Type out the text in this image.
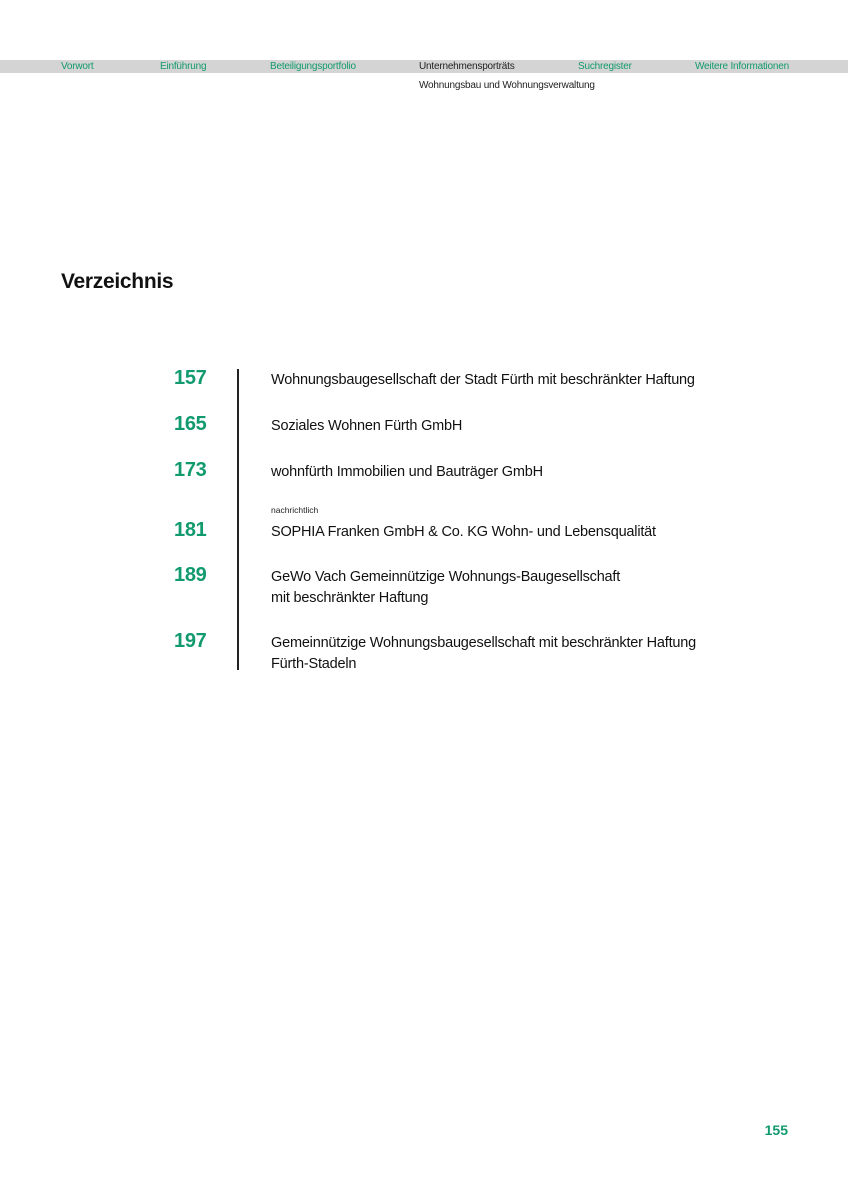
Vorwort	Einführung	Beteiligungsportfolio	Unternehmensporträts	Suchregister	Weitere Informationen
Wohnungsbau und Wohnungsverwaltung
Verzeichnis
157	Wohnungsbaugesellschaft der Stadt Fürth mit beschränkter Haftung
165	Soziales Wohnen Fürth GmbH
173	wohnfürth Immobilien und Bauträger GmbH
nachrichtlich
181	SOPHIA Franken GmbH & Co. KG Wohn- und Lebensqualität
189	GeWo Vach Gemeinnützige Wohnungs-Baugesellschaft
mit beschränkter Haftung
197	Gemeinnützige Wohnungsbaugesellschaft mit beschränkter Haftung
Fürth-Stadeln
155
